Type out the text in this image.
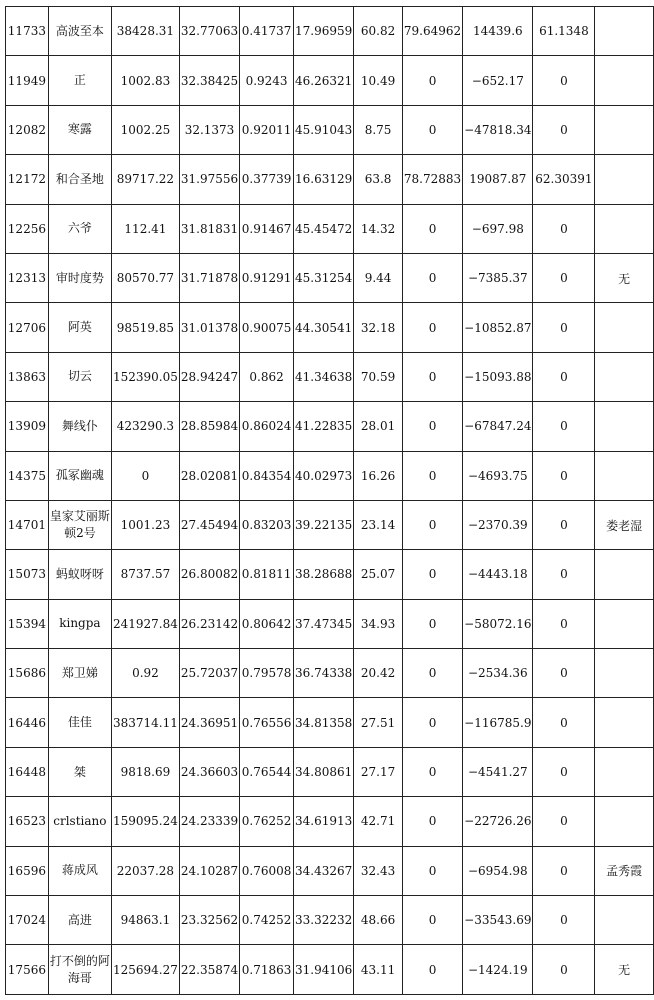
11733	高波至本	38428.31	32.77063	0.41737	17.96959	60.82	79.64962	14439.6	61.1348	
11949	正	1002.83	32.38425	0.9243	46.26321	10.49	0	−652.17	0	
12082	寒露	1002.25	32.1373	0.92011	45.91043	8.75	0	−47818.34	0	
12172	和合圣地	89717.22	31.97556	0.37739	16.63129	63.8	78.72883	19087.87	62.30391	
12256	六爷	112.41	31.81831	0.91467	45.45472	14.32	0	−697.98	0	
12313	审时度势	80570.77	31.71878	0.91291	45.31254	9.44	0	−7385.37	0	无
12706	阿英	98519.85	31.01378	0.90075	44.30541	32.18	0	−10852.87	0	
13863	切云	152390.05	28.94247	0.862	41.34638	70.59	0	−15093.88	0	
13909	舞线仆	423290.3	28.85984	0.86024	41.22835	28.01	0	−67847.24	0	
14375	孤冢幽魂	0	28.02081	0.84354	40.02973	16.26	0	−4693.75	0	
14701	皇家艾丽斯顿2号	1001.23	27.45494	0.83203	39.22135	23.14	0	−2370.39	0	娄老湿
15073	蚂蚁呀呀	8737.57	26.80082	0.81811	38.28688	25.07	0	−4443.18	0	
15394	kingpa	241927.84	26.23142	0.80642	37.47345	34.93	0	−58072.16	0	
15686	郑卫娣	0.92	25.72037	0.79578	36.74338	20.42	0	−2534.36	0	
16446	佳佳	383714.11	24.36951	0.76556	34.81358	27.51	0	−116785.9	0	
16448	桀	9818.69	24.36603	0.76544	34.80861	27.17	0	−4541.27	0	
16523	crlstiano	159095.24	24.23339	0.76252	34.61913	42.71	0	−22726.26	0	
16596	蒋成风	22037.28	24.10287	0.76008	34.43267	32.43	0	−6954.98	0	孟秀霞
17024	高进	94863.1	23.32562	0.74252	33.32232	48.66	0	−33543.69	0	
17566	打不倒的阿海哥	125694.27	22.35874	0.71863	31.94106	43.11	0	−1424.19	0	无
